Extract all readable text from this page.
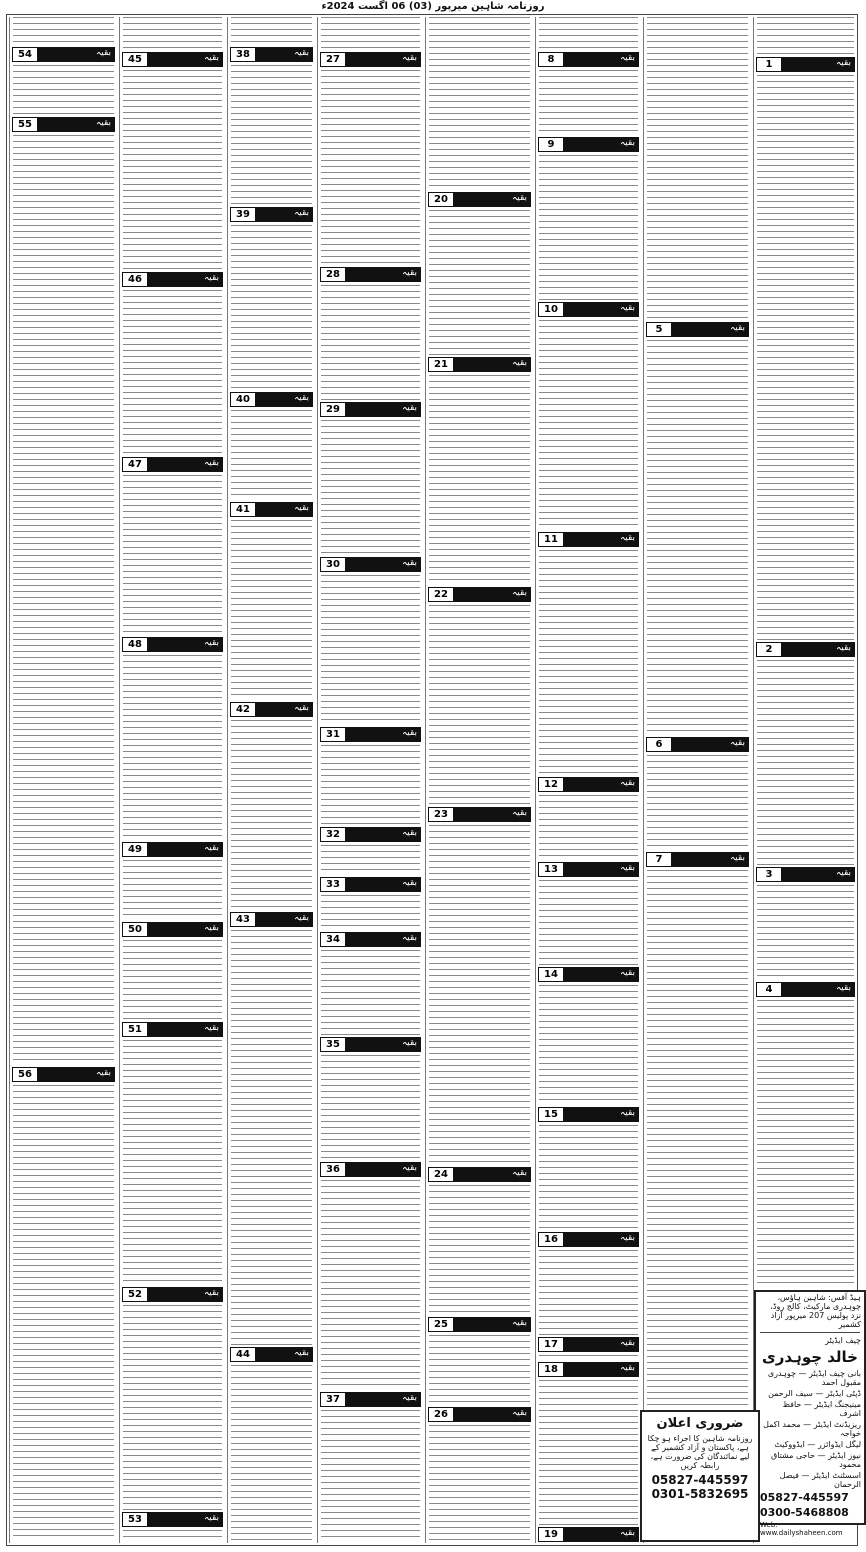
روزنامہ شاہین میرپور (03) 06 اگست 2024ء
بقیہ
1
بقیہ
2
بقیہ
3
بقیہ
4
بقیہ
5
بقیہ
6
بقیہ
7
بقیہ
8
بقیہ
9
بقیہ
10
بقیہ
11
بقیہ
12
بقیہ
13
بقیہ
14
بقیہ
15
بقیہ
16
بقیہ
17
بقیہ
18
بقیہ
19
بقیہ
20
بقیہ
21
بقیہ
22
بقیہ
23
بقیہ
24
بقیہ
25
بقیہ
26
بقیہ
27
بقیہ
28
بقیہ
29
بقیہ
30
بقیہ
31
بقیہ
32
بقیہ
33
بقیہ
34
بقیہ
35
بقیہ
36
بقیہ
37
بقیہ
38
بقیہ
39
بقیہ
40
بقیہ
41
بقیہ
42
بقیہ
43
بقیہ
44
بقیہ
45
بقیہ
46
بقیہ
47
بقیہ
48
بقیہ
49
بقیہ
50
بقیہ
51
بقیہ
52
بقیہ
53
بقیہ
54
بقیہ
55
بقیہ
56
ہیڈ آفس: شاہین ہاؤس، چوہدری مارکیٹ، کالج روڈ، نزد پولیس 207 میرپور آزاد کشمیر
چیف ایڈیٹر
خالد چوہدری
بانی چیف ایڈیٹر — چوہدری مقبول احمد
ڈپٹی ایڈیٹر — سیف الرحمن
مینیجنگ ایڈیٹر — حافظ اشرف
ریزیڈنٹ ایڈیٹر — محمد اکمل خواجہ
لیگل ایڈوائزر — ایڈووکیٹ
نیوز ایڈیٹر — حاجی مشتاق محمود
اسسٹنٹ ایڈیٹر — فیصل الرحمان
05827-445597
0300-5468808
Web: www.dailyshaheen.com
ضروری اعلان
روزنامہ شاہین کا اجراء ہو چکا ہے، پاکستان و آزاد کشمیر کے لیے نمائندگان کی ضرورت ہے، رابطہ کریں
05827-445597
0301-5832695
